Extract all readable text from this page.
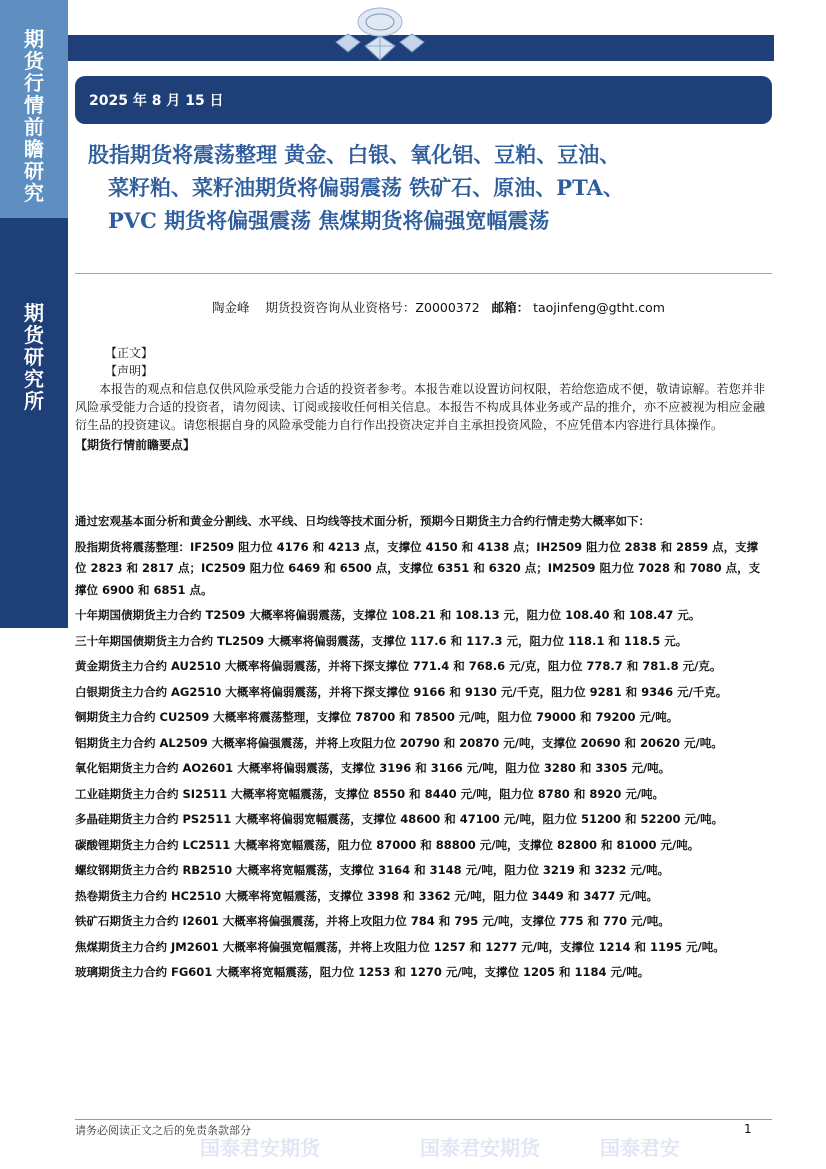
期
货
行
情
前
瞻
研
究
期
货
研
究
所
2025 年 8 月 15 日
股指期货将震荡整理 黄金、白银、氧化铝、豆粕、豆油、
菜籽粕、菜籽油期货将偏弱震荡 铁矿石、原油、PTA、
PVC 期货将偏强震荡 焦煤期货将偏强宽幅震荡
陶金峰 期货投资咨询从业资格号：Z0000372 邮箱： taojinfeng@gtht.com
【正文】
【声明】

本报告的观点和信息仅供风险承受能力合适的投资者参考。本报告难以设置访问权限，若给您造成不便，敬请谅解。若您并非风险承受能力合适的投资者，请勿阅读、订阅或接收任何相关信息。本报告不构成具体业务或产品的推介，亦不应被视为相应金融衍生品的投资建议。请您根据自身的风险承受能力自行作出投资决定并自主承担投资风险，不应凭借本内容进行具体操作。

【期货行情前瞻要点】

通过宏观基本面分析和黄金分割线、水平线、日均线等技术面分析，预期今日期货主力合约行情走势大概率如下：

股指期货将震荡整理：IF2509 阻力位 4176 和 4213 点，支撑位 4150 和 4138 点；IH2509 阻力位 2838 和 2859 点，支撑位 2823 和 2817 点；IC2509 阻力位 6469 和 6500 点，支撑位 6351 和 6320 点；IM2509 阻力位 7028 和 7080 点，支撑位 6900 和 6851 点。

十年期国债期货主力合约 T2509 大概率将偏弱震荡，支撑位 108.21 和 108.13 元，阻力位 108.40 和 108.47 元。

三十年期国债期货主力合约 TL2509 大概率将偏弱震荡，支撑位 117.6 和 117.3 元，阻力位 118.1 和 118.5 元。

黄金期货主力合约 AU2510 大概率将偏弱震荡，并将下探支撑位 771.4 和 768.6 元/克，阻力位 778.7 和 781.8 元/克。

白银期货主力合约 AG2510 大概率将偏弱震荡，并将下探支撑位 9166 和 9130 元/千克，阻力位 9281 和 9346 元/千克。

铜期货主力合约 CU2509 大概率将震荡整理，支撑位 78700 和 78500 元/吨，阻力位 79000 和 79200 元/吨。

铝期货主力合约 AL2509 大概率将偏强震荡，并将上攻阻力位 20790 和 20870 元/吨，支撑位 20690 和 20620 元/吨。

氧化铝期货主力合约 AO2601 大概率将偏弱震荡，支撑位 3196 和 3166 元/吨，阻力位 3280 和 3305 元/吨。

工业硅期货主力合约 SI2511 大概率将宽幅震荡，支撑位 8550 和 8440 元/吨，阻力位 8780 和 8920 元/吨。

多晶硅期货主力合约 PS2511 大概率将偏弱宽幅震荡，支撑位 48600 和 47100 元/吨，阻力位 51200 和 52200 元/吨。

碳酸锂期货主力合约 LC2511 大概率将宽幅震荡，阻力位 87000 和 88800 元/吨，支撑位 82800 和 81000 元/吨。

螺纹钢期货主力合约 RB2510 大概率将宽幅震荡，支撑位 3164 和 3148 元/吨，阻力位 3219 和 3232 元/吨。

热卷期货主力合约 HC2510 大概率将宽幅震荡，支撑位 3398 和 3362 元/吨，阻力位 3449 和 3477 元/吨。

铁矿石期货主力合约 I2601 大概率将偏强震荡，并将上攻阻力位 784 和 795 元/吨，支撑位 775 和 770 元/吨。

焦煤期货主力合约 JM2601 大概率将偏强宽幅震荡，并将上攻阻力位 1257 和 1277 元/吨，支撑位 1214 和 1195 元/吨。

玻璃期货主力合约 FG601 大概率将宽幅震荡，阻力位 1253 和 1270 元/吨，支撑位 1205 和 1184 元/吨。

国泰君安期货	国泰君安期货	国泰君安
请务必阅读正文之后的免责条款部分	1
